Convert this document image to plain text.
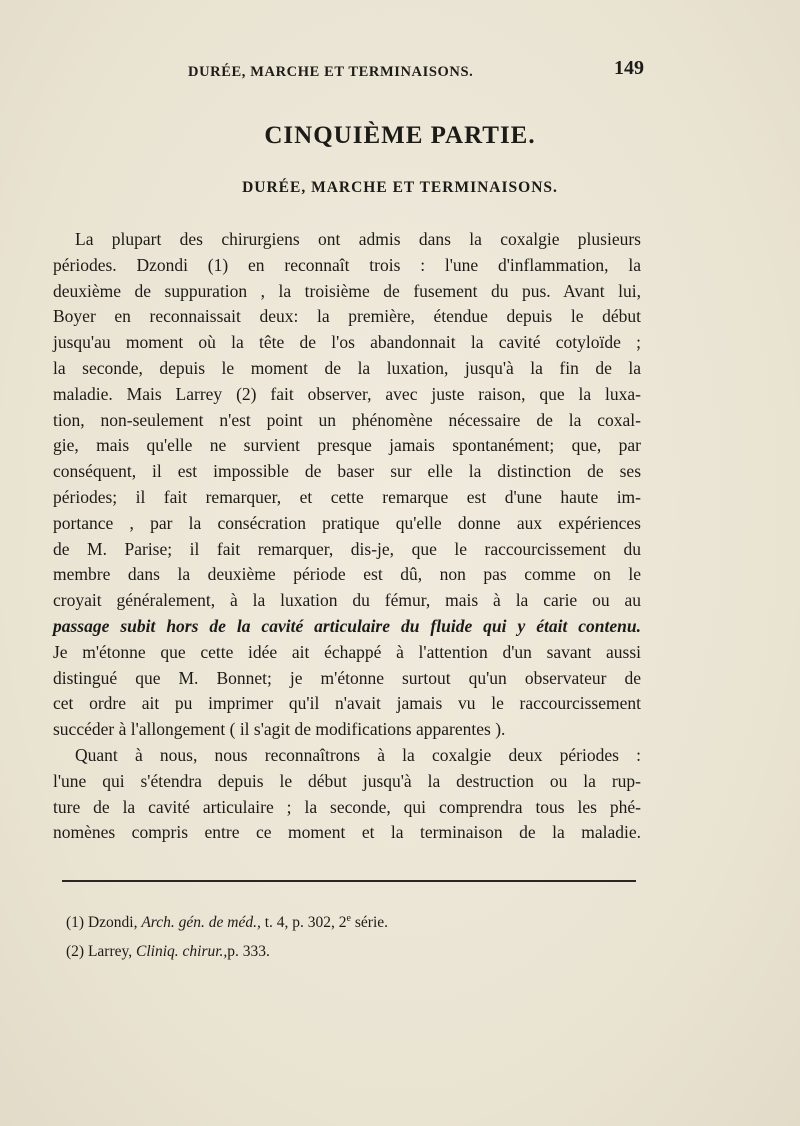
DURÉE, MARCHE ET TERMINAISONS.	149
CINQUIÈME PARTIE.
DURÉE, MARCHE ET TERMINAISONS.
La plupart des chirurgiens ont admis dans la coxalgie plusieurs
périodes. Dzondi (1) en reconnaît trois : l'une d'inflammation, la
deuxième de suppuration , la troisième de fusement du pus. Avant lui,
Boyer en reconnaissait deux: la première, étendue depuis le début
jusqu'au moment où la tête de l'os abandonnait la cavité cotyloïde ;
la seconde, depuis le moment de la luxation, jusqu'à la fin de la
maladie. Mais Larrey (2) fait observer, avec juste raison, que la luxa-
tion, non-seulement n'est point un phénomène nécessaire de la coxal-
gie, mais qu'elle ne survient presque jamais spontanément; que, par
conséquent, il est impossible de baser sur elle la distinction de ses
périodes; il fait remarquer, et cette remarque est d'une haute im-
portance , par la consécration pratique qu'elle donne aux expériences
de M. Parise; il fait remarquer, dis-je, que le raccourcissement du
membre dans la deuxième période est dû, non pas comme on le
croyait généralement, à la luxation du fémur, mais à la carie ou au
passage subit hors de la cavité articulaire du fluide qui y était contenu.
Je m'étonne que cette idée ait échappé à l'attention d'un savant aussi
distingué que M. Bonnet; je m'étonne surtout qu'un observateur de
cet ordre ait pu imprimer qu'il n'avait jamais vu le raccourcissement
succéder à l'allongement ( il s'agit de modifications apparentes ).
Quant à nous, nous reconnaîtrons à la coxalgie deux périodes :
l'une qui s'étendra depuis le début jusqu'à la destruction ou la rup-
ture de la cavité articulaire ; la seconde, qui comprendra tous les phé-
nomènes compris entre ce moment et la terminaison de la maladie.
(1) Dzondi, Arch. gén. de méd., t. 4, p. 302, 2e série.
(2) Larrey, Cliniq. chirur.,p. 333.
